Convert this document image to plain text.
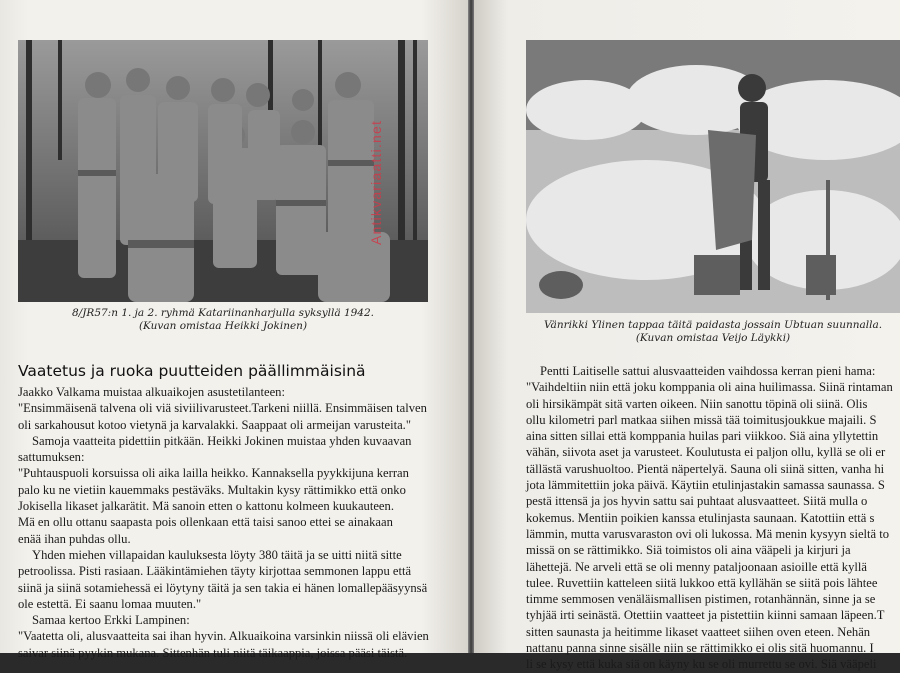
8/JR57:n 1. ja 2. ryhmä Katariinanharjulla syksyllä 1942.
(Kuvan omistaa Heikki Jokinen)
Vaatetus ja ruoka puutteiden päällimmäisinä
Jaakko Valkama muistaa alkuaikojen asustetilanteen:
"Ensimmäisenä talvena oli viä siviilivarusteet.Tarkeni niillä. Ensimmäisen talven
oli sarkahousut kotoo vietynä ja karvalakki. Saappaat oli armeijan varusteita."
Samoja vaatteita pidettiin pitkään. Heikki Jokinen muistaa yhden kuvaavan
sattumuksen:
"Puhtauspuoli korsuissa oli aika lailla heikko. Kannaksella pyykkijuna kerran
palo ku ne vietiin kauemmaks pestäväks. Multakin kysy rättimikko että onko
Jokisella likaset jalkarätit. Mä sanoin etten o kattonu kolmeen kuukauteen.
Mä en ollu ottanu saapasta pois ollenkaan että taisi sanoo ettei se ainakaan
enää ihan puhdas ollu.
Yhden miehen villapaidan kauluksesta löyty 380 täitä ja se uitti niitä sitte
petroolissa. Pisti rasiaan. Lääkintämiehen täyty kirjottaa semmonen lappu että
siinä ja siinä sotamiehessä ei löytyny täitä ja sen takia ei hänen lomallepääsyynsä
ole estettä. Ei saanu lomaa muuten."
Samaa kertoo Erkki Lampinen:
"Vaatetta oli, alusvaatteita sai ihan hyvin. Alkuaikoina varsinkin niissä oli elävien
saivar siinä pyykin mukana. Sittenhän tuli niitä täikaappia, joissa pääsi täistä.
Vänrikki Ylinen tappaa täitä paidasta jossain Ubtuan suunnalla.
(Kuvan omistaa Veijo Läykki)
Pentti Laitiselle sattui alusvaatteiden vaihdossa kerran pieni hama:
"Vaihdeltiin niin että joku komppania oli aina huilimassa. Siinä rintaman
oli hirsikämpät sitä varten oikeen. Niin sanottu töpinä oli siinä. Olis
ollu kilometri parl matkaa siihen missä tää toimitusjoukkue majaili. S
aina sitten sillai että komppania huilas pari viikkoo. Siä aina yllytettin
vähän, siivota aset ja varusteet. Koulutusta ei paljon ollu, kyllä se oli er
tällästä varushuoltoo. Pientä näpertelyä. Sauna oli siinä sitten, vanha hi
jota lämmitettiin joka päivä. Käytiin etulinjastakin samassa saunassa. S
pestä ittensä ja jos hyvin sattu sai puhtaat alusvaatteet. Siitä mulla o
kokemus. Mentiin poikien kanssa etulinjasta saunaan. Katottiin että s
lämmin, mutta varusvaraston ovi oli lukossa. Mä menin kysyyn sieltä to
missä on se rättimikko. Siä toimistos oli aina vääpeli ja kirjuri ja
lähettejä. Ne arveli että se oli menny pataljoonaan asioille että kyllä
tulee. Ruvettiin katteleen siitä lukkoo että kyllähän se siitä pois lähtee
timme semmosen venäläismallisen pistimen, rotanhännän, sinne ja se
tyhjää irti seinästä. Otettiin vaatteet ja pistettiin kiinni samaan läpeen.T
sitten saunasta ja heitimme likaset vaatteet siihen oven eteen. Nehän
nattanu panna sinne sisälle niin se rättimikko ei olis sitä huomannu. I
li se kysy että kuka siä on käyny ku se oli murrettu se ovi. Siä vääpeli
Antikvariaatti.net
